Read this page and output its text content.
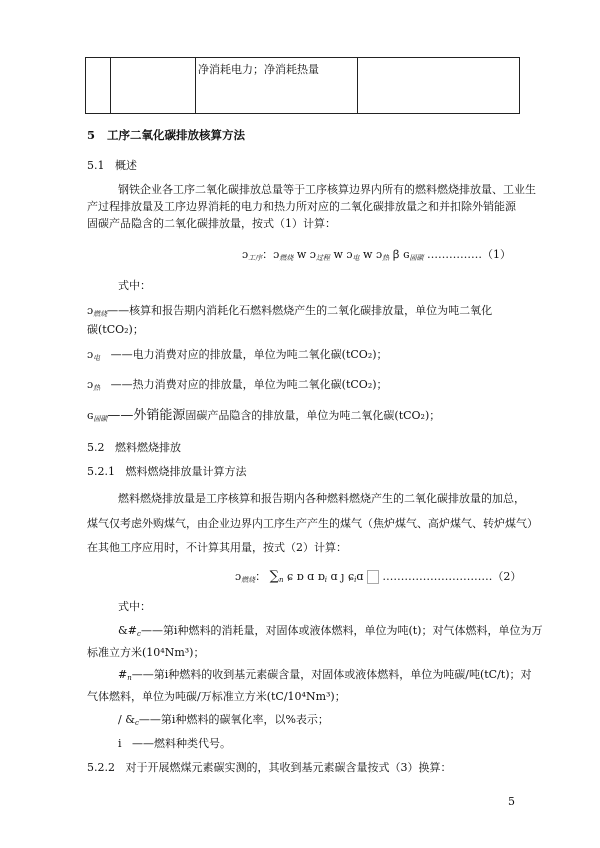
		净消耗电力；净消耗热量	
5 工序二氧化碳排放核算方法
5.1 概述
钢铁企业各工序二氧化碳排放总量等于工序核算边界内所有的燃料燃烧排放量、工业生
产过程排放量及工序边界消耗的电力和热力所对应的二氧化碳排放量之和并扣除外销能源
固碳产品隐含的二氧化碳排放量，按式（1）计算：
ɔ$_{工序}$：ɔ$_{燃烧}$ w ɔ$_{过程}$ w ɔ$_电$ w ɔ$_热$ ꞵ ɢ$_{固碳}$ ……………（1）
式中：
ɔ$_{燃烧}$——核算和报告期内消耗化石燃料燃烧产生的二氧化碳排放量，单位为吨二氧化
碳(tCO₂)；
ɔ$_电$ ——电力消费对应的排放量，单位为吨二氧化碳(tCO₂)；
ɔ$_热$ ——热力消费对应的排放量，单位为吨二氧化碳(tCO₂)；
ɢ$_{固碳}$——外销能源固碳产品隐含的排放量，单位为吨二氧化碳(tCO₂)；
5.2 燃料燃烧排放
5.2.1 燃料燃烧排放量计算方法
燃料燃烧排放量是工序核算和报告期内各种燃料燃烧产生的二氧化碳排放量的加总，
煤气仅考虑外购煤气，由企业边界内工序生产产生的煤气（焦炉煤气、高炉煤气、转炉煤气）
在其他工序应用时，不计算其用量，按式（2）计算：
ɔ$_{燃烧}$： $\sum_n$ ɕ ɒ ɑ ɒ$_i$ ɑ ȷ ɕ$_i$ɑ …………………………（2）
式中：
$\&\#_c——$第i种燃料的消耗量，对固体或液体燃料，单位为吨(t)；对气体燃料，单位为万
标准立方米(10⁴Nm³)；
$\#_n——$第i种燃料的收到基元素碳含量，对固体或液体燃料，单位为吨碳/吨(tC/t)；对
气体燃料，单位为吨碳/万标准立方米(tC/10⁴Nm³)；
/ $\&_c——$第i种燃料的碳氧化率，以%表示；
i ——燃料种类代号。
5.2.2 对于开展燃煤元素碳实测的，其收到基元素碳含量按式（3）换算：
5
